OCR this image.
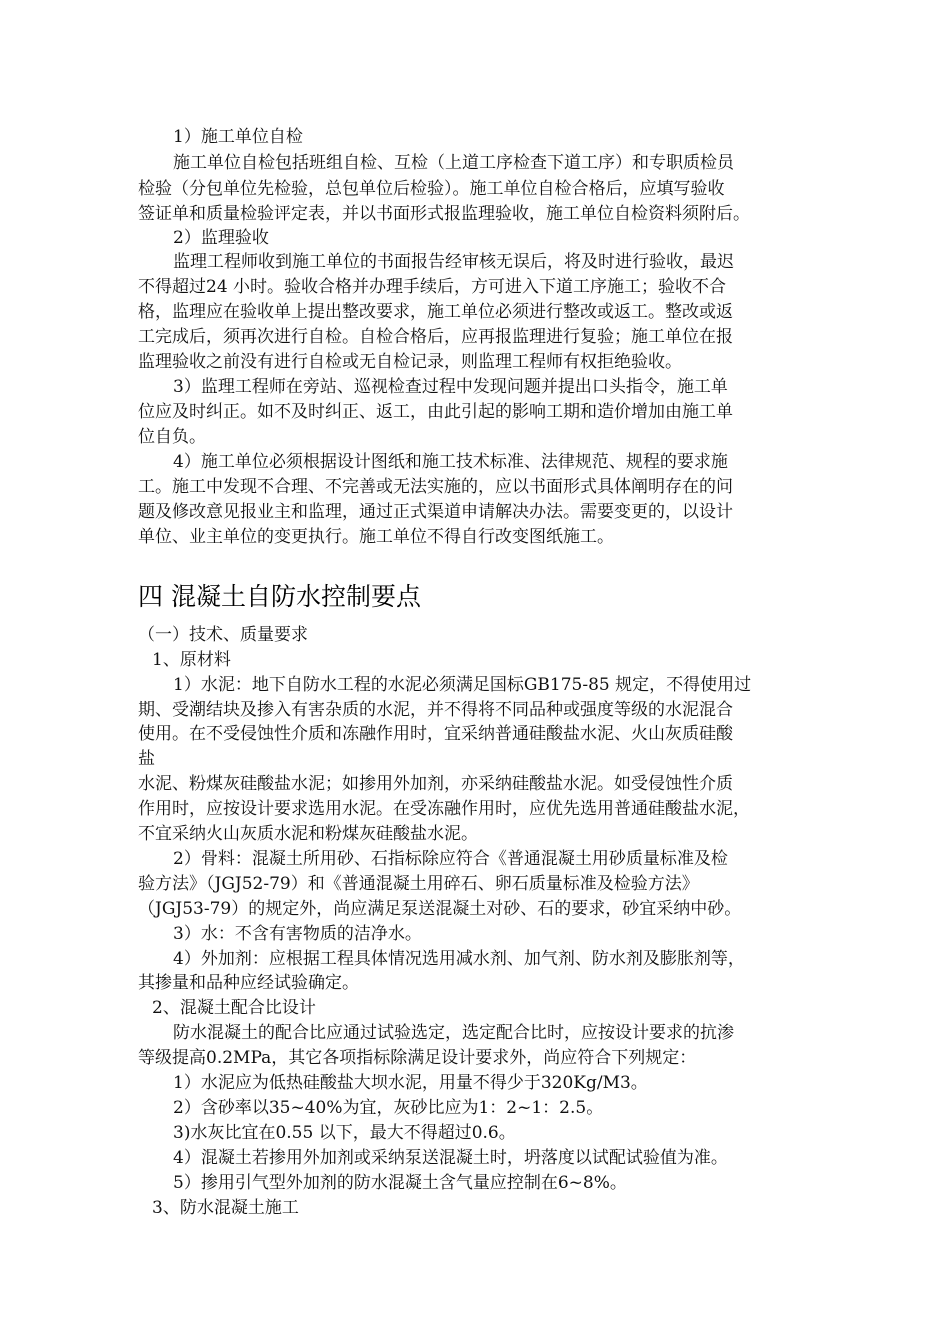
1）施工单位自检
施工单位自检包括班组自检、互检（上道工序检查下道工序）和专职质检员
检验（分包单位先检验，总包单位后检验）。施工单位自检合格后，应填写验收
签证单和质量检验评定表，并以书面形式报监理验收，施工单位自检资料须附后。
2）监理验收
监理工程师收到施工单位的书面报告经审核无误后，将及时进行验收，最迟
不得超过24 小时。验收合格并办理手续后，方可进入下道工序施工；验收不合
格，监理应在验收单上提出整改要求，施工单位必须进行整改或返工。整改或返
工完成后，须再次进行自检。自检合格后，应再报监理进行复验；施工单位在报
监理验收之前没有进行自检或无自检记录，则监理工程师有权拒绝验收。
3）监理工程师在旁站、巡视检查过程中发现问题并提出口头指令，施工单
位应及时纠正。如不及时纠正、返工，由此引起的影响工期和造价增加由施工单
位自负。
4）施工单位必须根据设计图纸和施工技术标准、法律规范、规程的要求施
工。施工中发现不合理、不完善或无法实施的，应以书面形式具体阐明存在的问
题及修改意见报业主和监理，通过正式渠道申请解决办法。需要变更的，以设计
单位、业主单位的变更执行。施工单位不得自行改变图纸施工。
四 混凝土自防水控制要点
（一）技术、质量要求
1、原材料
1）水泥：地下自防水工程的水泥必须满足国标GB175-85 规定，不得使用过
期、受潮结块及掺入有害杂质的水泥，并不得将不同品种或强度等级的水泥混合
使用。在不受侵蚀性介质和冻融作用时，宜采纳普通硅酸盐水泥、火山灰质硅酸
盐
水泥、粉煤灰硅酸盐水泥；如掺用外加剂，亦采纳硅酸盐水泥。如受侵蚀性介质
作用时，应按设计要求选用水泥。在受冻融作用时，应优先选用普通硅酸盐水泥，
不宜采纳火山灰质水泥和粉煤灰硅酸盐水泥。
2）骨料：混凝土所用砂、石指标除应符合《普通混凝土用砂质量标准及检
验方法》（JGJ52-79）和《普通混凝土用碎石、卵石质量标准及检验方法》
（JGJ53-79）的规定外，尚应满足泵送混凝土对砂、石的要求，砂宜采纳中砂。
3）水：不含有害物质的洁净水。
4）外加剂：应根据工程具体情况选用减水剂、加气剂、防水剂及膨胀剂等，
其掺量和品种应经试验确定。
2、混凝土配合比设计
防水混凝土的配合比应通过试验选定，选定配合比时，应按设计要求的抗渗
等级提高0.2MPa，其它各项指标除满足设计要求外，尚应符合下列规定：
1）水泥应为低热硅酸盐大坝水泥，用量不得少于320Kg/M3。
2）含砂率以35~40%为宜，灰砂比应为1：2~1：2.5。
3)水灰比宜在0.55 以下，最大不得超过0.6。
4）混凝土若掺用外加剂或采纳泵送混凝土时，坍落度以试配试验值为准。
5）掺用引气型外加剂的防水混凝土含气量应控制在6~8%。
3、防水混凝土施工
